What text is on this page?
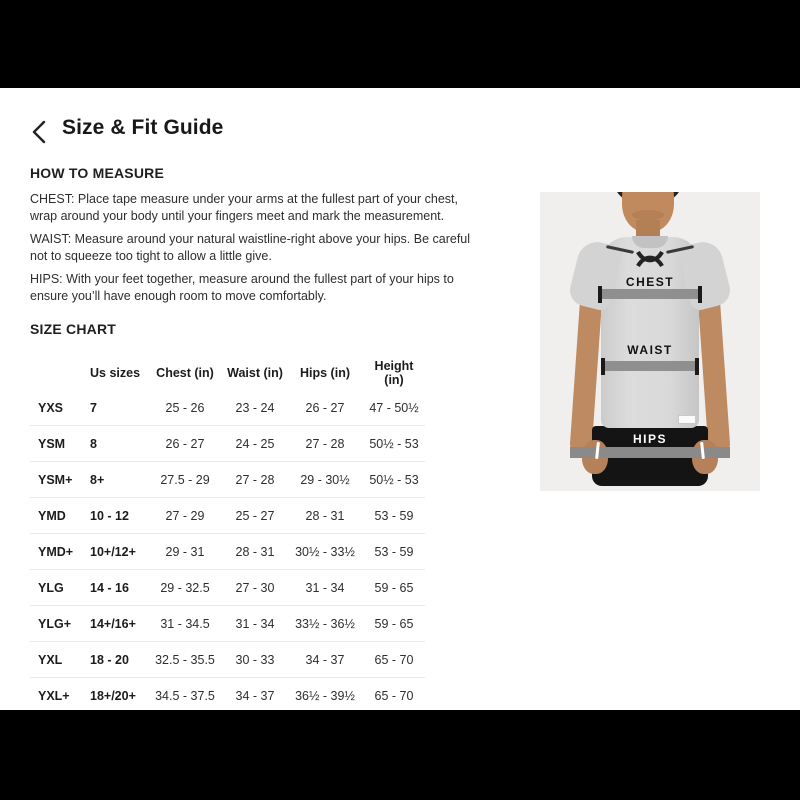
Size & Fit Guide
HOW TO MEASURE

CHEST: Place tape measure under your arms at the fullest part of your chest, wrap around your body until your fingers meet and mark the measurement.

WAIST: Measure around your natural waistline-right above your hips. Be careful not to squeeze too tight to allow a little give.

HIPS: With your feet together, measure around the fullest part of your hips to ensure you’ll have enough room to move comfortably.

SIZE CHART
	Us sizes	Chest (in)	Waist (in)	Hips (in)	Height (in)
YXS	7	25 - 26	23 - 24	26 - 27	47 - 50½
YSM	8	26 - 27	24 - 25	27 - 28	50½ - 53
YSM+	8+	27.5 - 29	27 - 28	29 - 30½	50½ - 53
YMD	10 - 12	27 - 29	25 - 27	28 - 31	53 - 59
YMD+	10+/12+	29 - 31	28 - 31	30½ - 33½	53 - 59
YLG	14 - 16	29 - 32.5	27 - 30	31 - 34	59 - 65
YLG+	14+/16+	31 - 34.5	31 - 34	33½ - 36½	59 - 65
YXL	18 - 20	32.5 - 35.5	30 - 33	34 - 37	65 - 70
YXL+	18+/20+	34.5 - 37.5	34 - 37	36½ - 39½	65 - 70
CHEST
WAIST
HIPS
